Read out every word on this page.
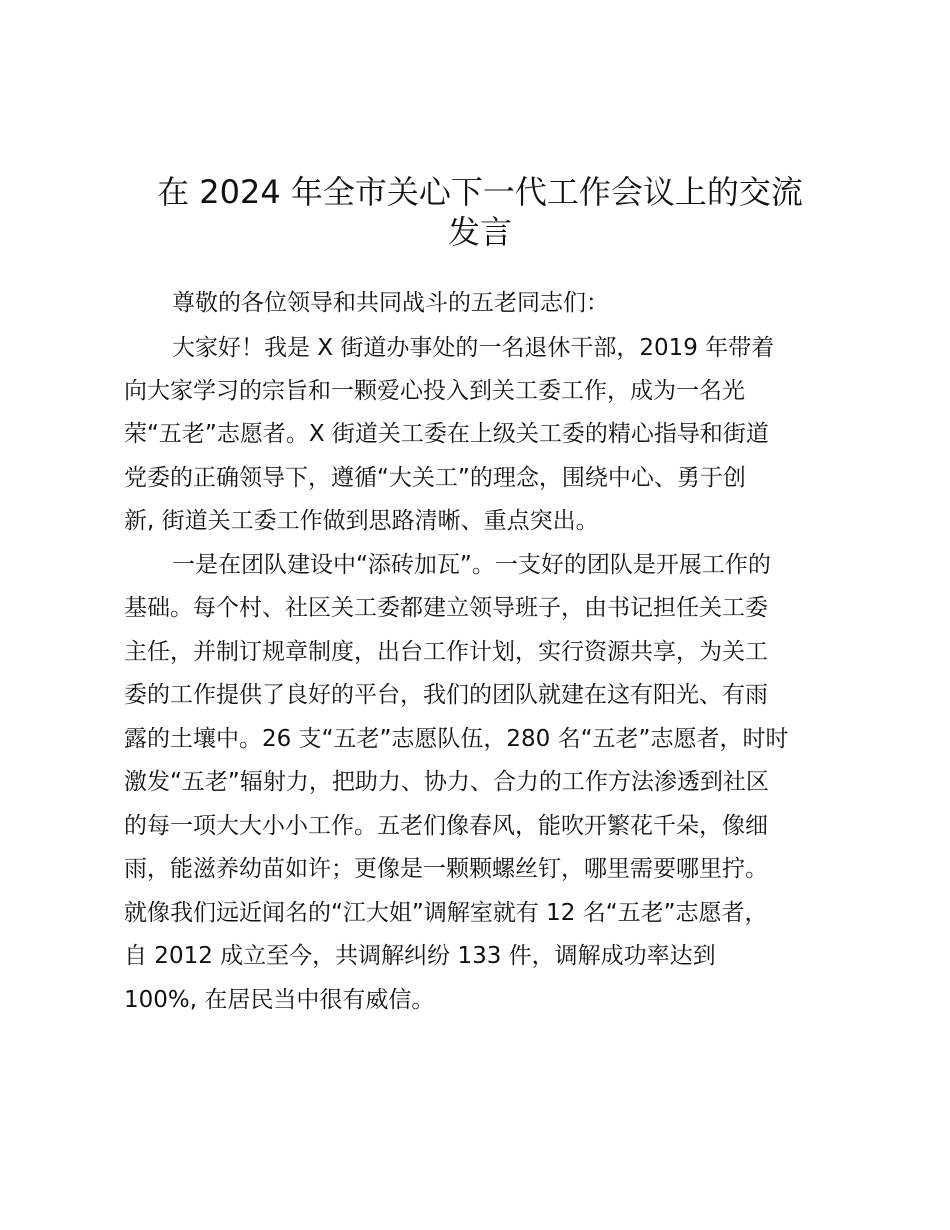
在 2024 年全市关心下一代工作会议上的交流
发言
尊敬的各位领导和共同战斗的五老同志们：
大家好！我是 X 街道办事处的一名退休干部，2019 年带着
向大家学习的宗旨和一颗爱心投入到关工委工作，成为一名光
荣“五老”志愿者。X 街道关工委在上级关工委的精心指导和街道
党委的正确领导下，遵循“大关工”的理念，围绕中心、勇于创
新, 街道关工委工作做到思路清晰、重点突出。
一是在团队建设中“添砖加瓦”。一支好的团队是开展工作的
基础。每个村、社区关工委都建立领导班子，由书记担任关工委
主任，并制订规章制度，出台工作计划，实行资源共享，为关工
委的工作提供了良好的平台，我们的团队就建在这有阳光、有雨
露的土壤中。26 支“五老”志愿队伍，280 名“五老”志愿者，时时
激发“五老”辐射力，把助力、协力、合力的工作方法渗透到社区
的每一项大大小小工作。五老们像春风，能吹开繁花千朵，像细
雨，能滋养幼苗如许；更像是一颗颗螺丝钉，哪里需要哪里拧。
就像我们远近闻名的“江大姐”调解室就有 12 名“五老”志愿者，
自 2012 成立至今，共调解纠纷 133 件，调解成功率达到
100%, 在居民当中很有威信。
